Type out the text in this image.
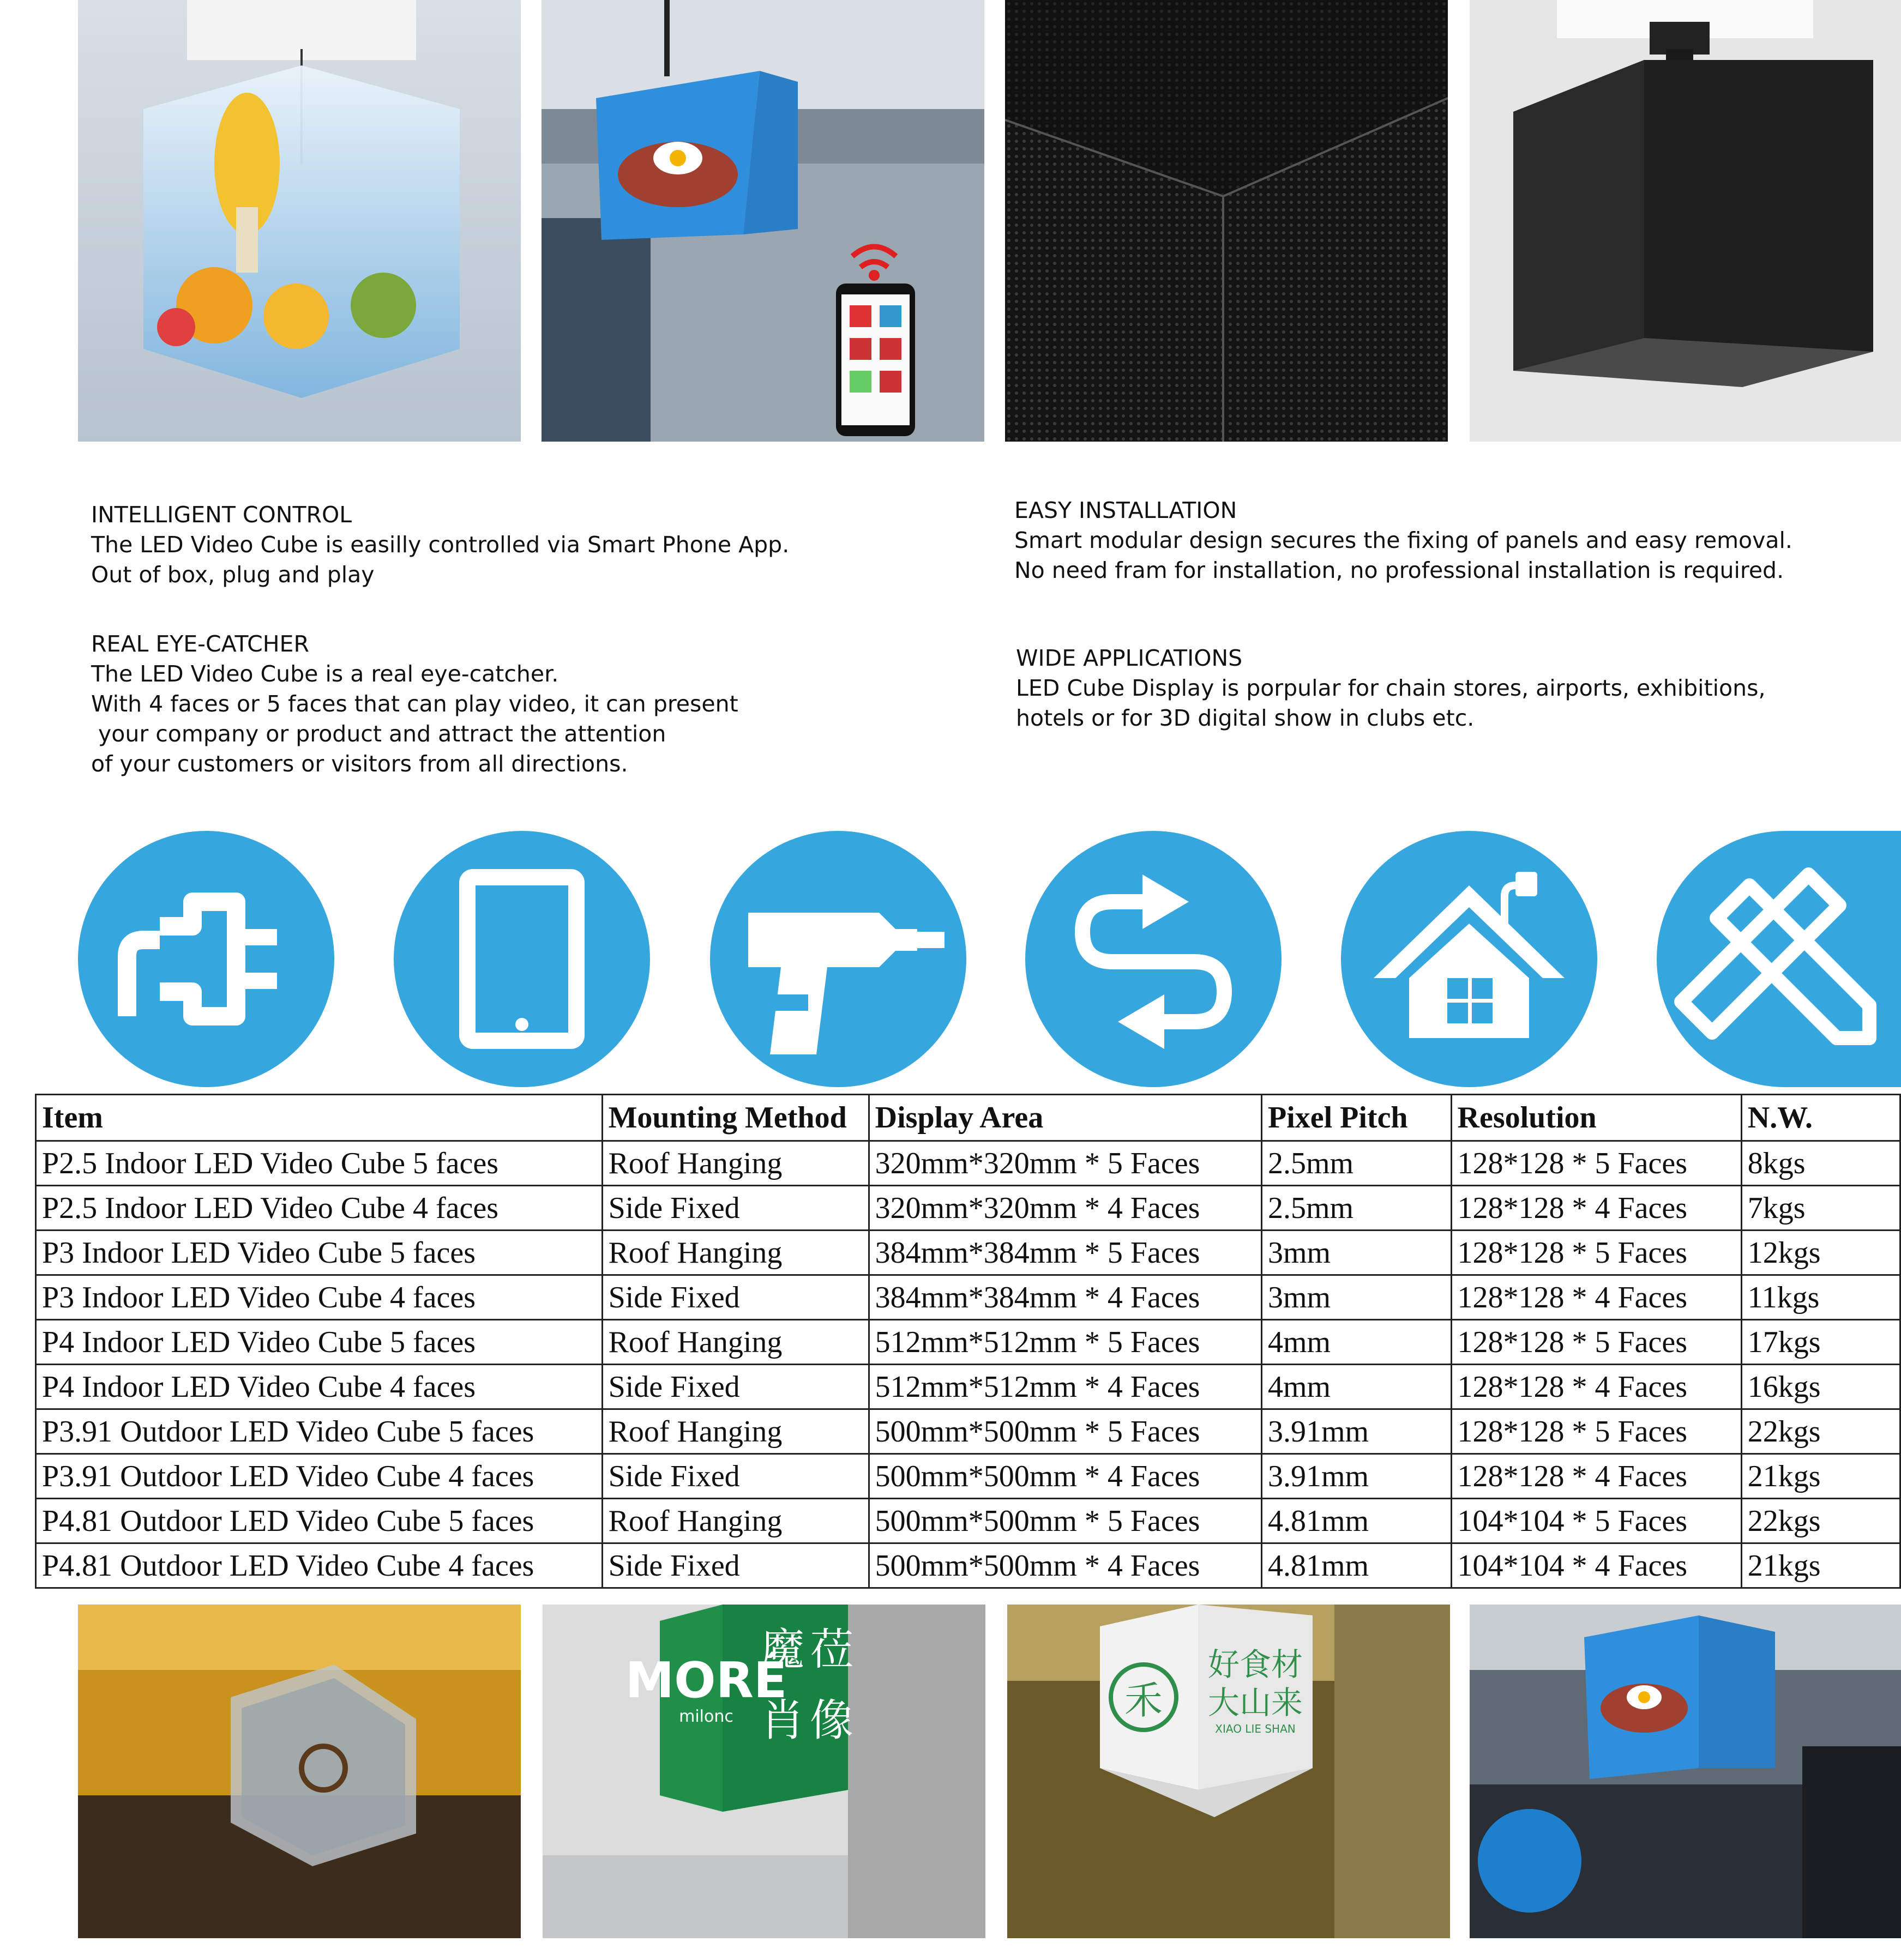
INTELLIGENT CONTROL
The LED Video Cube is easilly controlled via Smart Phone App.
Out of box, plug and play
REAL EYE-CATCHER
The LED Video Cube is a real eye-catcher.
With 4 faces or 5 faces that can play video, it can present
your company or product and attract the attention
of your customers or visitors from all directions.
EASY INSTALLATION
Smart modular design secures the fixing of panels and easy removal.
No need fram for installation, no professional installation is required.
WIDE APPLICATIONS
LED Cube Display is porpular for chain stores, airports, exhibitions,
hotels or for 3D digital show in clubs etc.
Item	Mounting Method	Display Area	Pixel Pitch	Resolution	N.W.
P2.5 Indoor LED Video Cube 5 faces	Roof Hanging	320mm*320mm * 5 Faces	2.5mm	128*128 * 5 Faces	8kgs
P2.5 Indoor LED Video Cube 4 faces	Side Fixed	320mm*320mm * 4 Faces	2.5mm	128*128 * 4 Faces	7kgs
P3 Indoor LED Video Cube 5 faces	Roof Hanging	384mm*384mm * 5 Faces	3mm	128*128 * 5 Faces	12kgs
P3 Indoor LED Video Cube 4 faces	Side Fixed	384mm*384mm * 4 Faces	3mm	128*128 * 4 Faces	11kgs
P4 Indoor LED Video Cube 5 faces	Roof Hanging	512mm*512mm * 5 Faces	4mm	128*128 * 5 Faces	17kgs
P4 Indoor LED Video Cube 4 faces	Side Fixed	512mm*512mm * 4 Faces	4mm	128*128 * 4 Faces	16kgs
P3.91 Outdoor LED Video Cube 5 faces	Roof Hanging	500mm*500mm * 5 Faces	3.91mm	128*128 * 5 Faces	22kgs
P3.91 Outdoor LED Video Cube 4 faces	Side Fixed	500mm*500mm * 4 Faces	3.91mm	128*128 * 4 Faces	21kgs
P4.81 Outdoor LED Video Cube 5 faces	Roof Hanging	500mm*500mm * 5 Faces	4.81mm	104*104 * 5 Faces	22kgs
P4.81 Outdoor LED Video Cube 4 faces	Side Fixed	500mm*500mm * 4 Faces	4.81mm	104*104 * 4 Faces	21kgs
MORÉ
milonc
魔 莅
肖 像	禾
好食材
大山来
XIAO LIE SHAN
